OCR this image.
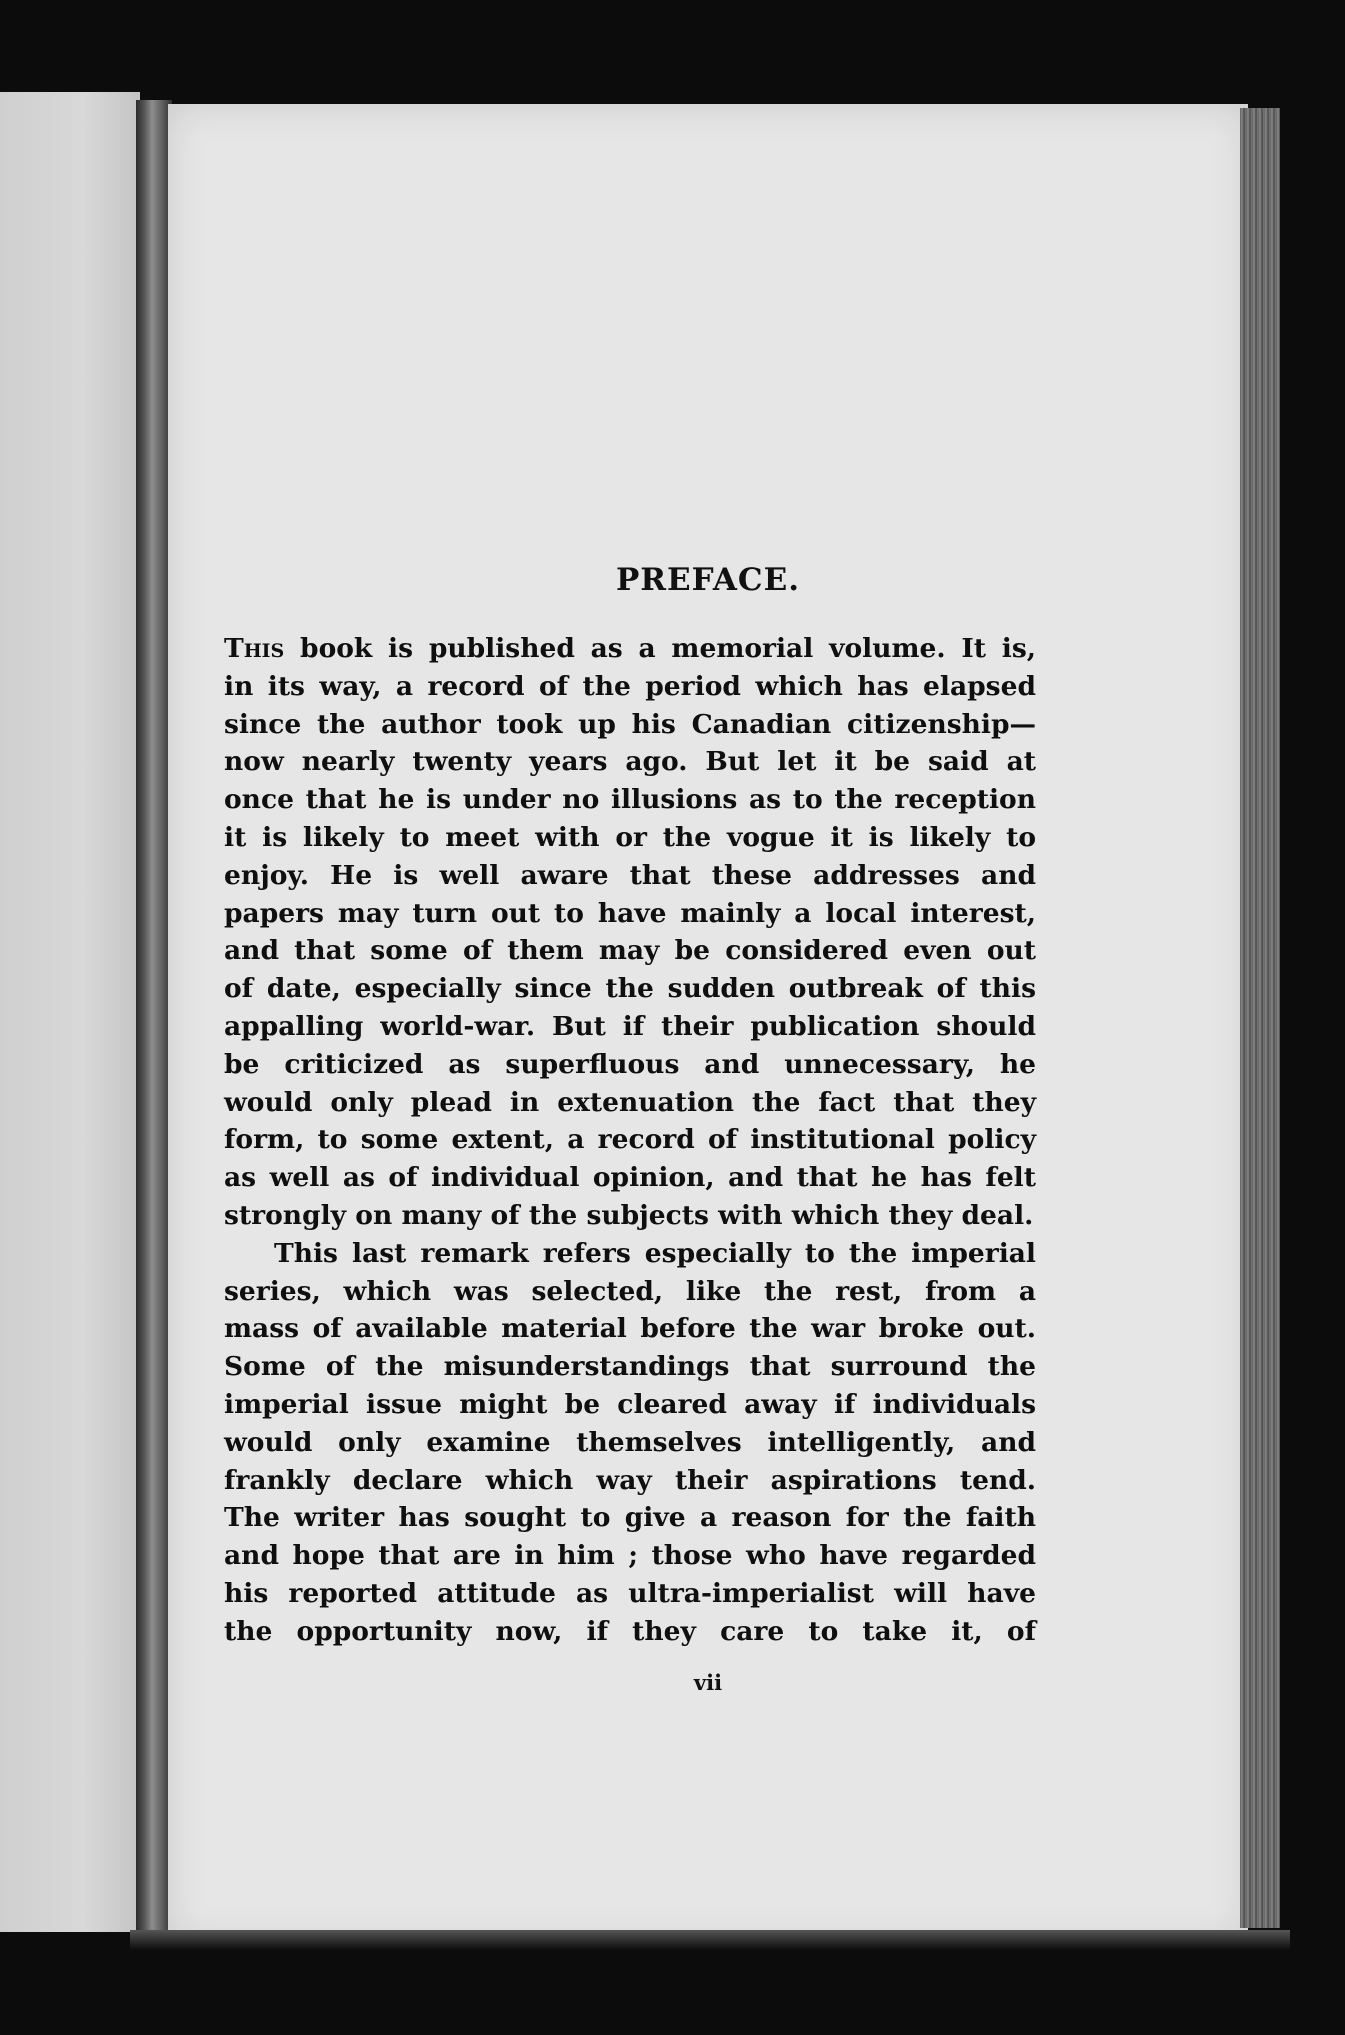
PREFACE.
This book is published as a memorial volume. It is,
in its way, a record of the period which has elapsed
since the author took up his Canadian citizenship—
now nearly twenty years ago. But let it be said at
once that he is under no illusions as to the reception
it is likely to meet with or the vogue it is likely to
enjoy. He is well aware that these addresses and
papers may turn out to have mainly a local interest,
and that some of them may be considered even out
of date, especially since the sudden outbreak of this
appalling world-war. But if their publication should
be criticized as superfluous and unnecessary, he
would only plead in extenuation the fact that they
form, to some extent, a record of institutional policy
as well as of individual opinion, and that he has felt
strongly on many of the subjects with which they deal.
This last remark refers especially to the imperial
series, which was selected, like the rest, from a
mass of available material before the war broke out.
Some of the misunderstandings that surround the
imperial issue might be cleared away if individuals
would only examine themselves intelligently, and
frankly declare which way their aspirations tend.
The writer has sought to give a reason for the faith
and hope that are in him ; those who have regarded
his reported attitude as ultra-imperialist will have
the opportunity now, if they care to take it, of
vii
